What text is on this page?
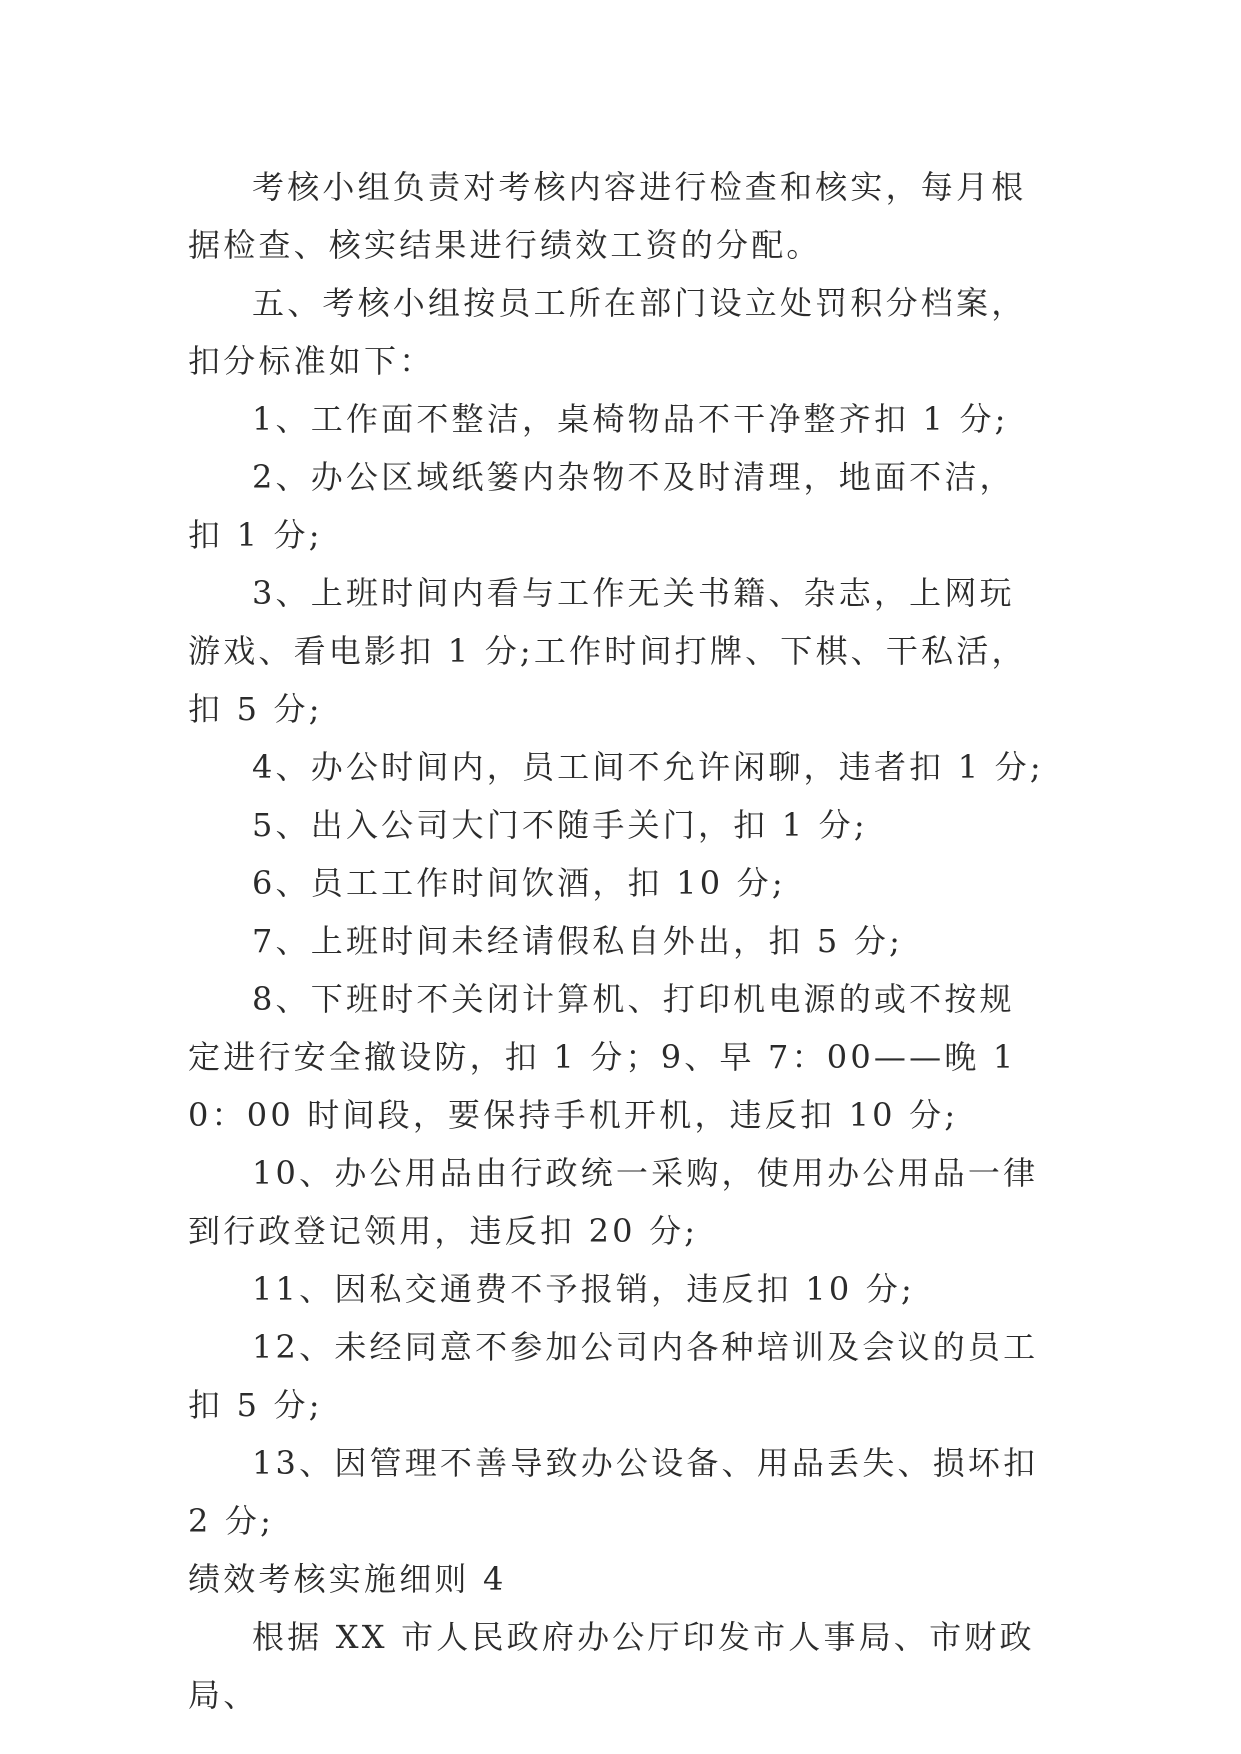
考核小组负责对考核内容进行检查和核实，每月根据检查、核实结果进行绩效工资的分配。

五、考核小组按员工所在部门设立处罚积分档案，扣分标准如下：

1、工作面不整洁，桌椅物品不干净整齐扣 1 分;

2、办公区域纸篓内杂物不及时清理，地面不洁，扣 1 分;

3、上班时间内看与工作无关书籍、杂志，上网玩游戏、看电影扣 1 分;工作时间打牌、下棋、干私活，扣 5 分;

4、办公时间内，员工间不允许闲聊，违者扣 1 分;

5、出入公司大门不随手关门，扣 1 分;

6、员工工作时间饮酒，扣 10 分;

7、上班时间未经请假私自外出，扣 5 分;

8、下班时不关闭计算机、打印机电源的或不按规定进行安全撤设防，扣 1 分；9、早 7：00——晚 10：00 时间段，要保持手机开机，违反扣 10 分;

10、办公用品由行政统一采购，使用办公用品一律到行政登记领用，违反扣 20 分;

11、因私交通费不予报销，违反扣 10 分;

12、未经同意不参加公司内各种培训及会议的员工扣 5 分;

13、因管理不善导致办公设备、用品丢失、损坏扣 2 分;

绩效考核实施细则 4

根据 XX 市人民政府办公厅印发市人事局、市财政局、
